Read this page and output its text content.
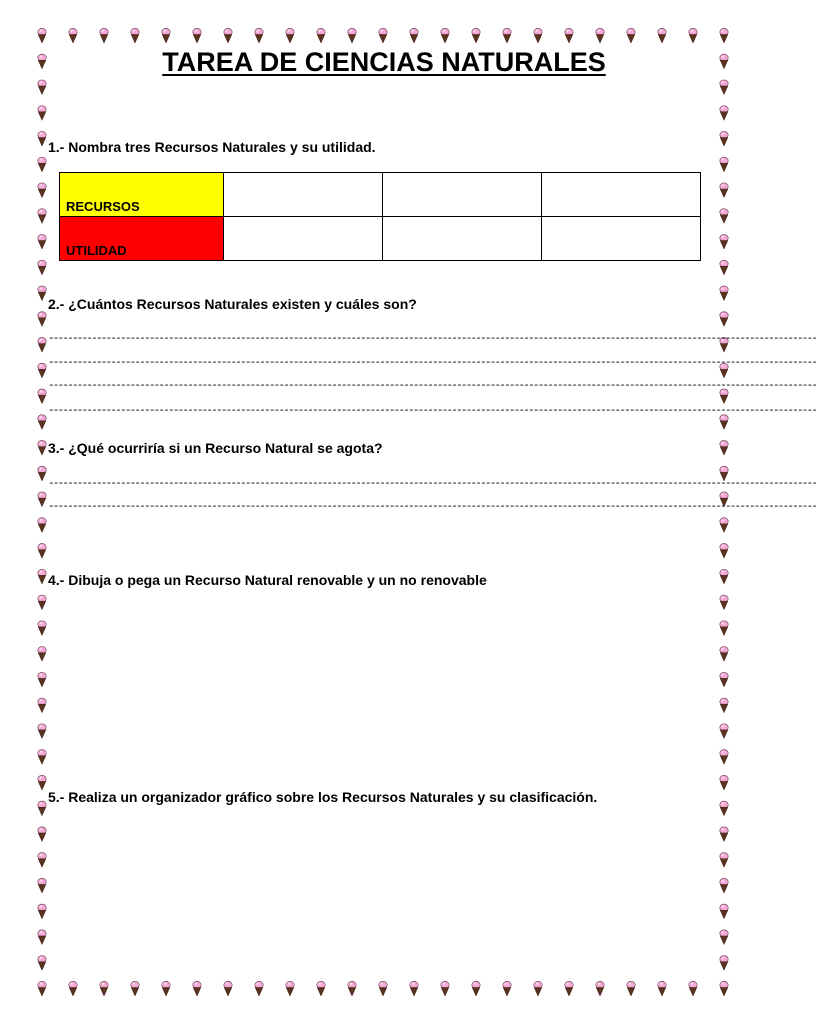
TAREA DE CIENCIAS NATURALES
1.- Nombra tres Recursos Naturales y su utilidad.
RECURSOS			
UTILIDAD			
2.- ¿Cuántos Recursos Naturales existen y cuáles son?
----------------------------------------------------------------------------------------------------------------------------------------------------------------
----------------------------------------------------------------------------------------------------------------------------------------------------------------
----------------------------------------------------------------------------------------------------------------------------------------------------------------
----------------------------------------------------------------------------------------------------------------------------------------------------------------
3.- ¿Qué ocurriría si un Recurso Natural se agota?
----------------------------------------------------------------------------------------------------------------------------------------------------------------
----------------------------------------------------------------------------------------------------------------------------------------------------------------
4.- Dibuja o pega un Recurso Natural renovable y un no renovable
5.- Realiza un organizador gráfico sobre los Recursos Naturales y su clasificación.
